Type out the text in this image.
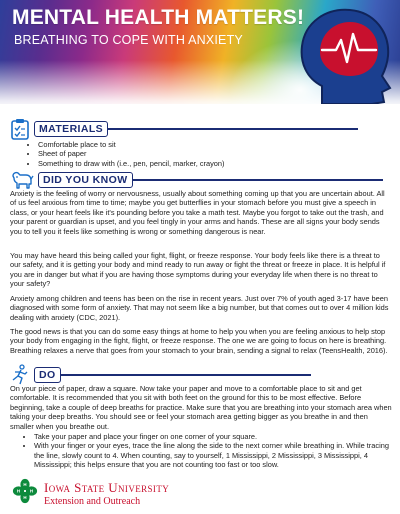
MENTAL HEALTH MATTERS!
BREATHING TO COPE WITH ANXIETY
MATERIALS
• Comfortable place to sit
• Sheet of paper
• Something to draw with (i.e., pen, pencil, marker, crayon)
DID YOU KNOW

Anxiety is the feeling of worry or nervousness, usually about something coming up that you are uncertain about. All of us feel anxious from time to time; maybe you get butterflies in your stomach before you must give a speech in class, or your heart feels like it's pounding before you take a math test. Maybe you forgot to take out the trash, and your parent or guardian is upset, and you feel tingly in your arms and hands. These are all signs your body sends you to tell you it feels like something is wrong or something dangerous is near.

You may have heard this being called your fight, flight, or freeze response. Your body feels like there is a threat to our safety, and it is getting your body and mind ready to run away or fight the threat or freeze in place. It is helpful if you are in danger but what if you are having those symptoms during your everyday life when there is no threat to your safety?

Anxiety among children and teens has been on the rise in recent years. Just over 7% of youth aged 3-17 have been diagnosed with some form of anxiety. That may not seem like a big number, but that comes out to over 4 million kids dealing with anxiety (CDC, 2021).

The good news is that you can do some easy things at home to help you when you are feeling anxious to help stop your body from engaging in the fight, flight, or freeze response. The one we are going to focus on here is breathing. Breathing relaxes a nerve that goes from your stomach to your brain, sending a signal to relax (TeensHealth, 2016).

DO

On your piece of paper, draw a square. Now take your paper and move to a comfortable place to sit and get comfortable. It is recommended that you sit with both feet on the ground for this to be most effective. Before beginning, take a couple of deep breaths for practice. Make sure that you are breathing into your stomach area when taking your deep breaths. You should see or feel your stomach area getting bigger as you breathe in and then smaller when you breathe out.

• Take your paper and place your finger on one corner of your square.
• With your finger or your eyes, trace the line along the side to the next corner while breathing in. While tracing the line, slowly count to 4. When counting, say to yourself, 1 Mississippi, 2 Mississippi, 3 Mississippi, 4 Mississippi; this helps ensure that you are not counting too fast or too slow.
H
H
H H Iowa State University
Extension and Outreach
